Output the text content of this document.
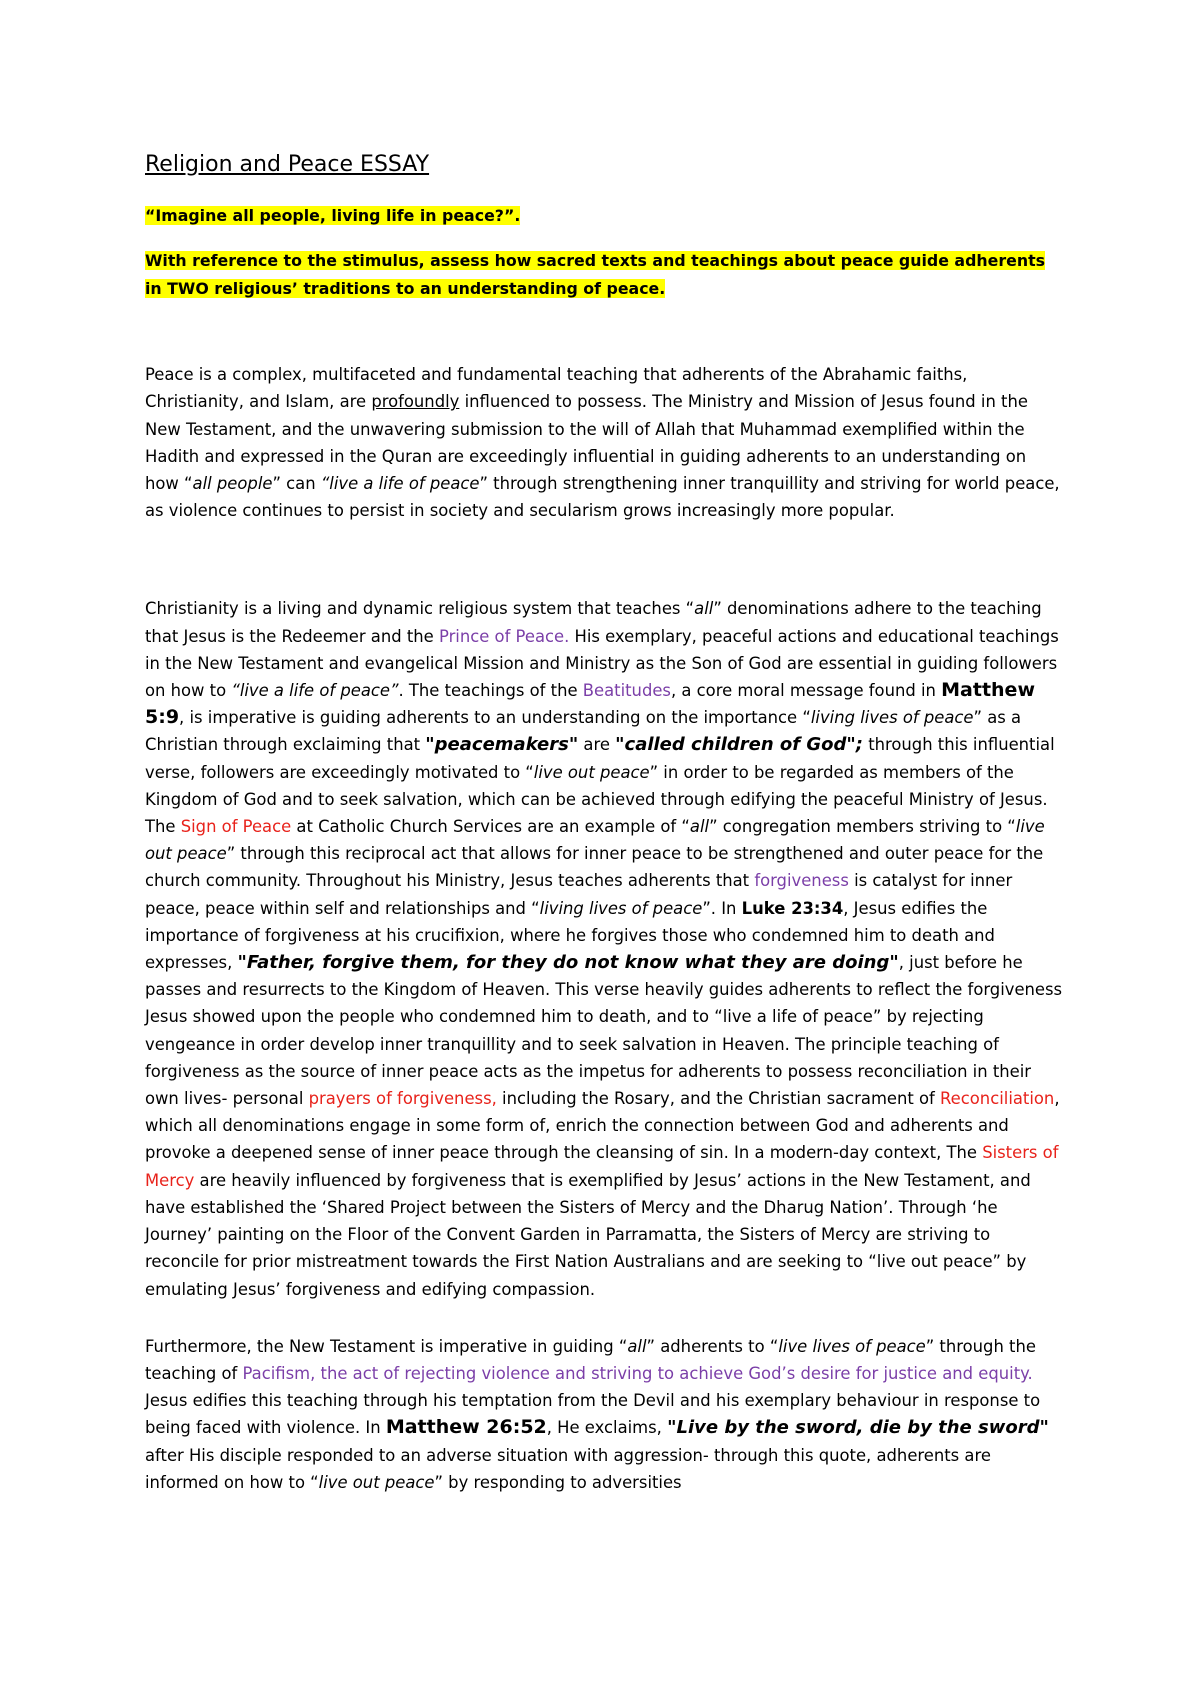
Religion and Peace ESSAY

“Imagine all people, living life in peace?”.

With reference to the stimulus, assess how sacred texts and teachings about peace guide adherents in TWO religious’ traditions to an understanding of peace.

Peace is a complex, multifaceted and fundamental teaching that adherents of the Abrahamic faiths, Christianity, and Islam, are profoundly influenced to possess. The Ministry and Mission of Jesus found in the New Testament, and the unwavering submission to the will of Allah that Muhammad exemplified within the Hadith and expressed in the Quran are exceedingly influential in guiding adherents to an understanding on how “all people” can “live a life of peace” through strengthening inner tranquillity and striving for world peace, as violence continues to persist in society and secularism grows increasingly more popular.

Christianity is a living and dynamic religious system that teaches “all” denominations adhere to the teaching that Jesus is the Redeemer and the Prince of Peace. His exemplary, peaceful actions and educational teachings in the New Testament and evangelical Mission and Ministry as the Son of God are essential in guiding followers on how to “live a life of peace”. The teachings of the Beatitudes, a core moral message found in Matthew 5:9, is imperative is guiding adherents to an understanding on the importance “living lives of peace” as a Christian through exclaiming that "peacemakers" are "called children of God"; through this influential verse, followers are exceedingly motivated to “live out peace” in order to be regarded as members of the Kingdom of God and to seek salvation, which can be achieved through edifying the peaceful Ministry of Jesus. The Sign of Peace at Catholic Church Services are an example of “all” congregation members striving to “live out peace” through this reciprocal act that allows for inner peace to be strengthened and outer peace for the church community. Throughout his Ministry, Jesus teaches adherents that forgiveness is catalyst for inner peace, peace within self and relationships and “living lives of peace”. In Luke 23:34, Jesus edifies the importance of forgiveness at his crucifixion, where he forgives those who condemned him to death and expresses, "Father, forgive them, for they do not know what they are doing", just before he passes and resurrects to the Kingdom of Heaven. This verse heavily guides adherents to reflect the forgiveness Jesus showed upon the people who condemned him to death, and to “live a life of peace” by rejecting vengeance in order develop inner tranquillity and to seek salvation in Heaven. The principle teaching of forgiveness as the source of inner peace acts as the impetus for adherents to possess reconciliation in their own lives- personal prayers of forgiveness, including the Rosary, and the Christian sacrament of Reconciliation, which all denominations engage in some form of, enrich the connection between God and adherents and provoke a deepened sense of inner peace through the cleansing of sin. In a modern-day context, The Sisters of Mercy are heavily influenced by forgiveness that is exemplified by Jesus’ actions in the New Testament, and have established the ‘Shared Project between the Sisters of Mercy and the Dharug Nation’. Through ‘he Journey’ painting on the Floor of the Convent Garden in Parramatta, the Sisters of Mercy are striving to reconcile for prior mistreatment towards the First Nation Australians and are seeking to “live out peace” by emulating Jesus’ forgiveness and edifying compassion.

Furthermore, the New Testament is imperative in guiding “all” adherents to “live lives of peace” through the teaching of Pacifism, the act of rejecting violence and striving to achieve God’s desire for justice and equity. Jesus edifies this teaching through his temptation from the Devil and his exemplary behaviour in response to being faced with violence. In Matthew 26:52, He exclaims, "Live by the sword, die by the sword" after His disciple responded to an adverse situation with aggression- through this quote, adherents are informed on how to “live out peace” by responding to adversities
